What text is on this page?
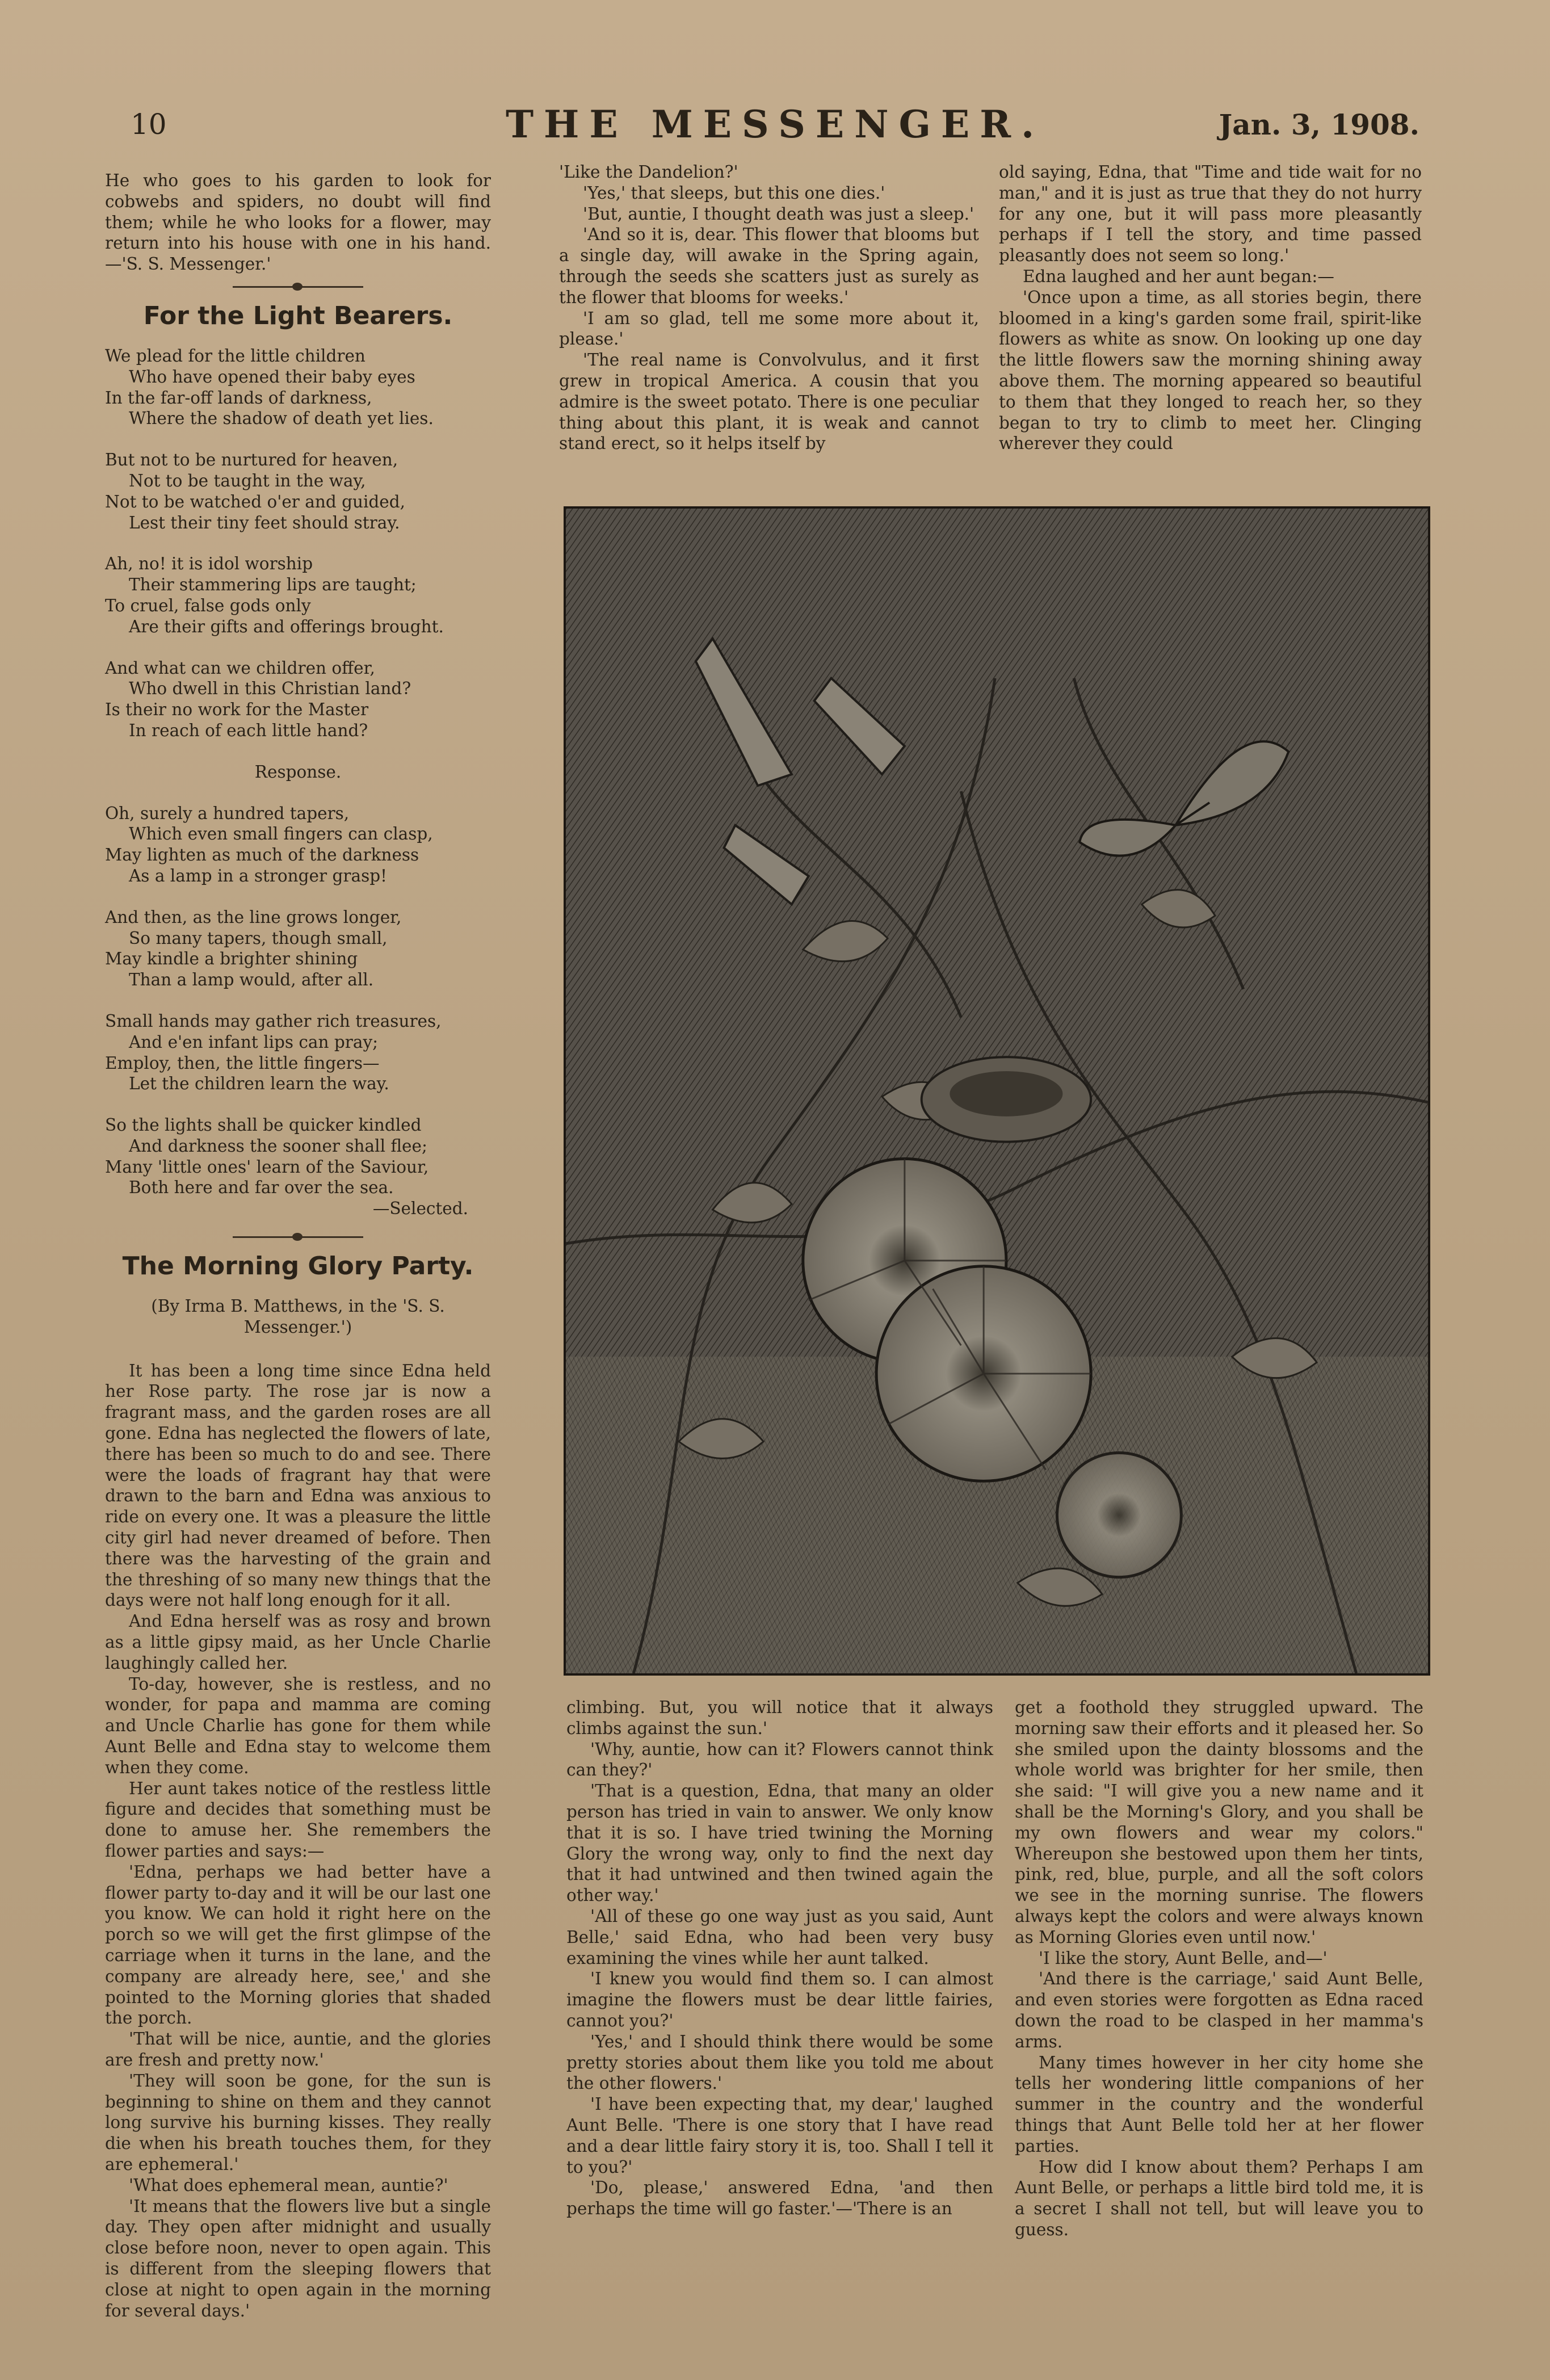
10	THE MESSENGER.	Jan. 3, 1908.

He who goes to his garden to look for cobwebs and spiders, no doubt will find them; while he who looks for a flower, may return into his house with one in his hand.—'S. S. Messenger.'

For the Light Bearers.
We plead for the little children
Who have opened their baby eyes
In the far-off lands of darkness,
Where the shadow of death yet lies.
But not to be nurtured for heaven,
Not to be taught in the way,
Not to be watched o'er and guided,
Lest their tiny feet should stray.
Ah, no! it is idol worship
Their stammering lips are taught;
To cruel, false gods only
Are their gifts and offerings brought.
And what can we children offer,
Who dwell in this Christian land?
Is their no work for the Master
In reach of each little hand?
Response.
Oh, surely a hundred tapers,
Which even small fingers can clasp,
May lighten as much of the darkness
As a lamp in a stronger grasp!
And then, as the line grows longer,
So many tapers, though small,
May kindle a brighter shining
Than a lamp would, after all.
Small hands may gather rich treasures,
And e'en infant lips can pray;
Employ, then, the little fingers—
Let the children learn the way.
So the lights shall be quicker kindled
And darkness the sooner shall flee;
Many 'little ones' learn of the Saviour,
Both here and far over the sea.
—Selected.
The Morning Glory Party.
(By Irma B. Matthews, in the 'S. S. Messenger.')

It has been a long time since Edna held her Rose party. The rose jar is now a fragrant mass, and the garden roses are all gone. Edna has neglected the flowers of late, there has been so much to do and see. There were the loads of fragrant hay that were drawn to the barn and Edna was anxious to ride on every one. It was a pleasure the little city girl had never dreamed of before. Then there was the harvesting of the grain and the threshing of so many new things that the days were not half long enough for it all.

And Edna herself was as rosy and brown as a little gipsy maid, as her Uncle Charlie laughingly called her.

To-day, however, she is restless, and no wonder, for papa and mamma are coming and Uncle Charlie has gone for them while Aunt Belle and Edna stay to welcome them when they come.

Her aunt takes notice of the restless little figure and decides that something must be done to amuse her. She remembers the flower parties and says:—

'Edna, perhaps we had better have a flower party to-day and it will be our last one you know. We can hold it right here on the porch so we will get the first glimpse of the carriage when it turns in the lane, and the company are already here, see,' and she pointed to the Morning glories that shaded the porch.

'That will be nice, auntie, and the glories are fresh and pretty now.'

'They will soon be gone, for the sun is beginning to shine on them and they cannot long survive his burning kisses. They really die when his breath touches them, for they are ephemeral.'

'What does ephemeral mean, auntie?'

'It means that the flowers live but a single day. They open after midnight and usually close before noon, never to open again. This is different from the sleeping flowers that close at night to open again in the morning for several days.'

'Like the Dandelion?'

'Yes,' that sleeps, but this one dies.'

'But, auntie, I thought death was just a sleep.'

'And so it is, dear. This flower that blooms but a single day, will awake in the Spring again, through the seeds she scatters just as surely as the flower that blooms for weeks.'

'I am so glad, tell me some more about it, please.'

'The real name is Convolvulus, and it first grew in tropical America. A cousin that you admire is the sweet potato. There is one peculiar thing about this plant, it is weak and cannot stand erect, so it helps itself by

old saying, Edna, that "Time and tide wait for no man," and it is just as true that they do not hurry for any one, but it will pass more pleasantly perhaps if I tell the story, and time passed pleasantly does not seem so long.'

Edna laughed and her aunt began:—

'Once upon a time, as all stories begin, there bloomed in a king's garden some frail, spirit-like flowers as white as snow. On looking up one day the little flowers saw the morning shining away above them. The morning appeared so beautiful to them that they longed to reach her, so they began to try to climb to meet her. Clinging wherever they could

climbing. But, you will notice that it always climbs against the sun.'

'Why, auntie, how can it? Flowers cannot think can they?'

'That is a question, Edna, that many an older person has tried in vain to answer. We only know that it is so. I have tried twining the Morning Glory the wrong way, only to find the next day that it had untwined and then twined again the other way.'

'All of these go one way just as you said, Aunt Belle,' said Edna, who had been very busy examining the vines while her aunt talked.

'I knew you would find them so. I can almost imagine the flowers must be dear little fairies, cannot you?'

'Yes,' and I should think there would be some pretty stories about them like you told me about the other flowers.'

'I have been expecting that, my dear,' laughed Aunt Belle. 'There is one story that I have read and a dear little fairy story it is, too. Shall I tell it to you?'

'Do, please,' answered Edna, 'and then perhaps the time will go faster.'—'There is an

get a foothold they struggled upward. The morning saw their efforts and it pleased her. So she smiled upon the dainty blossoms and the whole world was brighter for her smile, then she said: "I will give you a new name and it shall be the Morning's Glory, and you shall be my own flowers and wear my colors." Whereupon she bestowed upon them her tints, pink, red, blue, purple, and all the soft colors we see in the morning sunrise. The flowers always kept the colors and were always known as Morning Glories even until now.'

'I like the story, Aunt Belle, and—'

'And there is the carriage,' said Aunt Belle, and even stories were forgotten as Edna raced down the road to be clasped in her mamma's arms.

Many times however in her city home she tells her wondering little companions of her summer in the country and the wonderful things that Aunt Belle told her at her flower parties.

How did I know about them? Perhaps I am Aunt Belle, or perhaps a little bird told me, it is a secret I shall not tell, but will leave you to guess.
